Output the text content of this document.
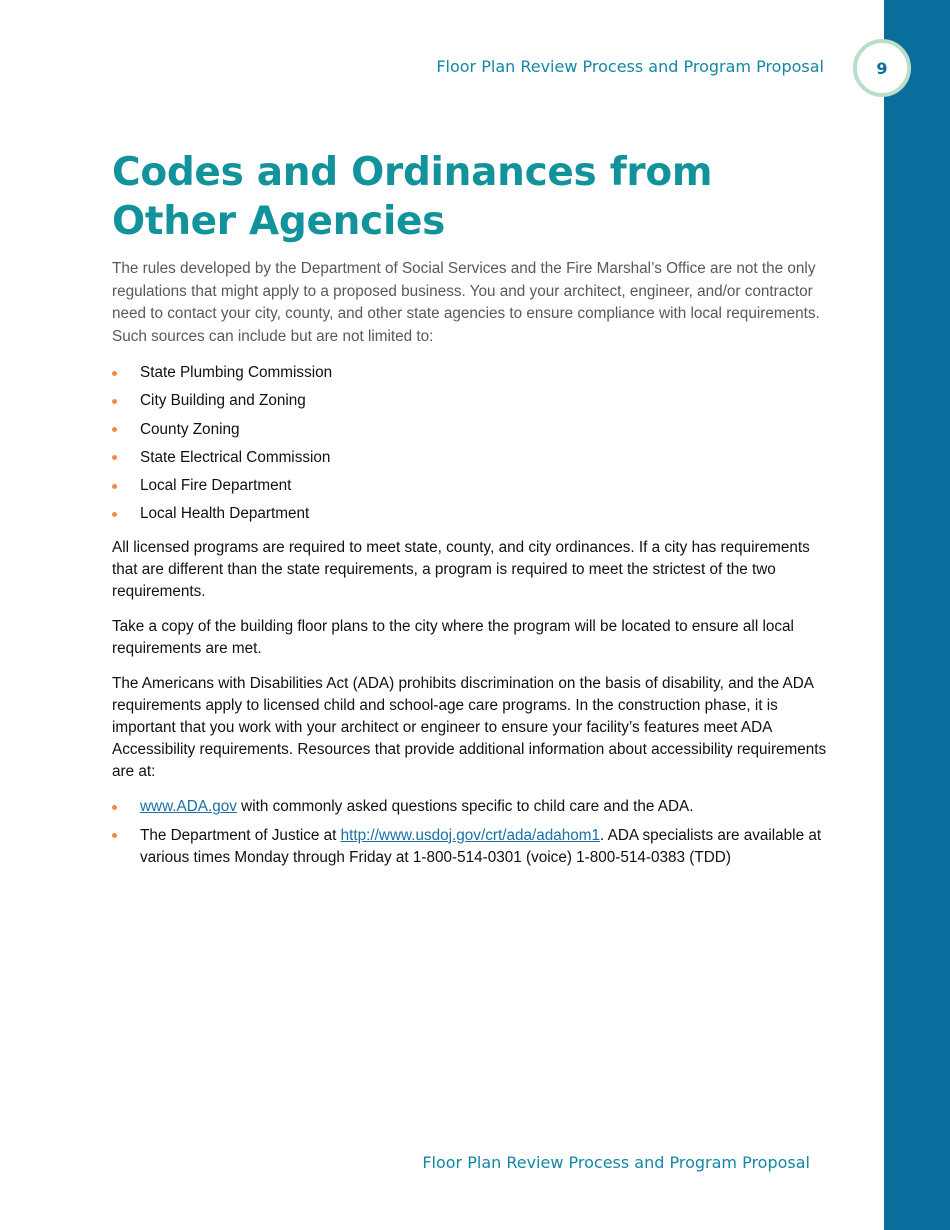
9
Floor Plan Review Process and Program Proposal
Codes and Ordinances from Other Agencies

The rules developed by the Department of Social Services and the Fire Marshal’s Office are not the only regulations that might apply to a proposed business. You and your architect, engineer, and/or contractor need to contact your city, county, and other state agencies to ensure compliance with local requirements. Such sources can include but are not limited to:

State Plumbing Commission
City Building and Zoning
County Zoning
State Electrical Commission
Local Fire Department
Local Health Department

All licensed programs are required to meet state, county, and city ordinances. If a city has requirements that are different than the state requirements, a program is required to meet the strictest of the two requirements.

Take a copy of the building floor plans to the city where the program will be located to ensure all local requirements are met.

The Americans with Disabilities Act (ADA) prohibits discrimination on the basis of disability, and the ADA requirements apply to licensed child and school-age care programs. In the construction phase, it is important that you work with your architect or engineer to ensure your facility’s features meet ADA Accessibility requirements. Resources that provide additional information about accessibility requirements are at:

www.ADA.gov with commonly asked questions specific to child care and the ADA.
The Department of Justice at http://www.usdoj.gov/crt/ada/adahom1. ADA specialists are available at various times Monday through Friday at 1-800-514-0301 (voice) 1-800-514-0383 (TDD)
Floor Plan Review Process and Program Proposal
